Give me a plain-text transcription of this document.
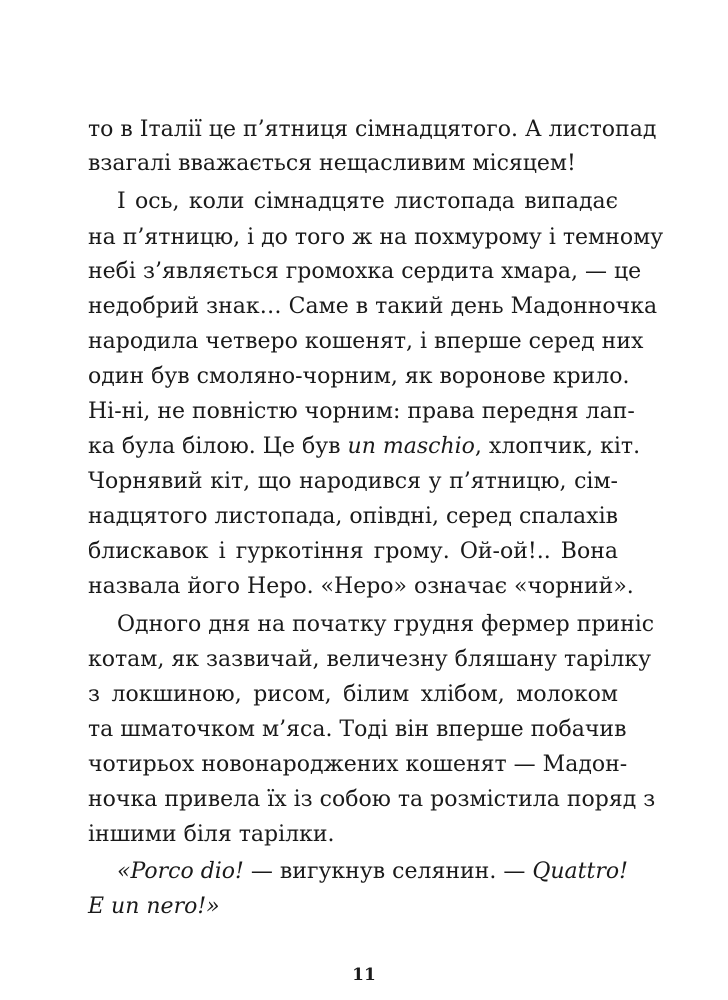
то в Італії це п’ятниця сімнадцятого. А листопад
взагалі вважається нещасливим місяцем!
І ось, коли сімнадцяте листопада випадає
на п’ятницю, і до того ж на похмурому і темному
небі з’являється громохка сердита хмара, — це
недобрий знак… Саме в такий день Мадонночка
народила четверо кошенят, і вперше серед них
один був смоляно-чорним, як воронове крило.
Ні-ні, не повністю чорним: права передня лап-
ка була білою. Це був un maschio, хлопчик, кіт.
Чорнявий кіт, що народився у п’ятницю, сім-
надцятого листопада, опівдні, серед спалахів
блискавок і гуркотіння грому. Ой-ой!.. Вона
назвала його Неро. «Неро» означає «чорний».
Одного дня на початку грудня фермер приніс
котам, як зазвичай, величезну бляшану тарілку
з локшиною, рисом, білим хлібом, молоком
та шматочком м’яса. Тоді він вперше побачив
чотирьох новонароджених кошенят — Мадон-
ночка привела їх із собою та розмістила поряд з
іншими біля тарілки.
«Porco dio! — вигукнув селянин. — Quattro!
E un nero!»
11
